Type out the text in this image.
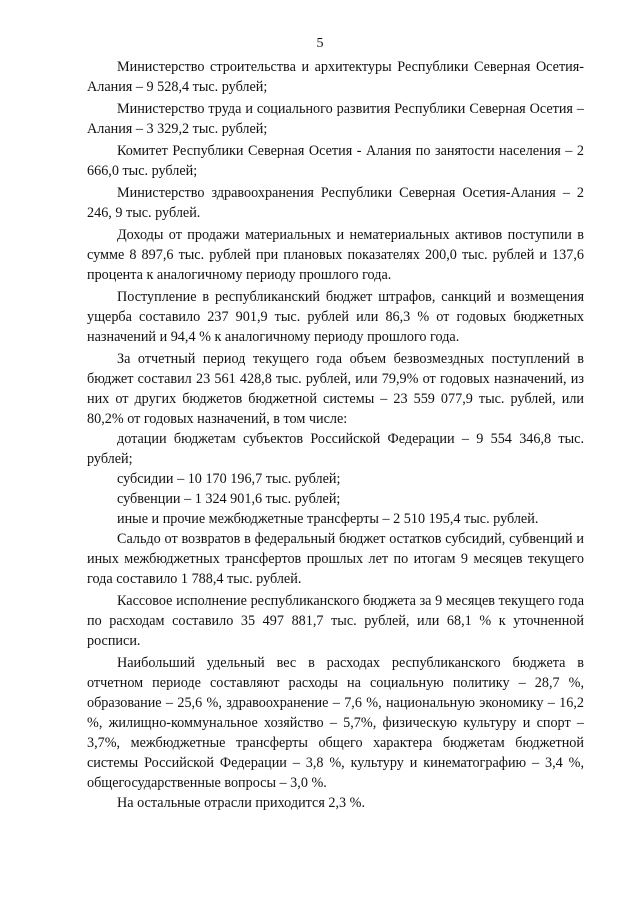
5

Министерство строительства и архитектуры Республики Северная Осетия-Алания – 9 528,4 тыс. рублей;

Министерство труда и социального развития Республики Северная Осетия – Алания – 3 329,2 тыс. рублей;

Комитет Республики Северная Осетия - Алания по занятости населения – 2 666,0 тыс. рублей;

Министерство здравоохранения Республики Северная Осетия-Алания – 2 246, 9 тыс. рублей.

Доходы от продажи материальных и нематериальных активов поступили в сумме 8 897,6 тыс. рублей при плановых показателях 200,0 тыс. рублей и 137,6 процента к аналогичному периоду прошлого года.

Поступление в республиканский бюджет штрафов, санкций и возмещения ущерба составило 237 901,9 тыс. рублей или 86,3 % от годовых бюджетных назначений и 94,4 % к аналогичному периоду прошлого года.

За отчетный период текущего года объем безвозмездных поступлений в бюджет составил 23 561 428,8 тыс. рублей, или 79,9% от годовых назначений, из них от других бюджетов бюджетной системы – 23 559 077,9 тыс. рублей, или 80,2% от годовых назначений, в том числе:

дотации бюджетам субъектов Российской Федерации – 9 554 346,8 тыс. рублей;

субсидии – 10 170 196,7 тыс. рублей;

субвенции – 1 324 901,6 тыс. рублей;

иные и прочие межбюджетные трансферты – 2 510 195,4 тыс. рублей.

Сальдо от возвратов в федеральный бюджет остатков субсидий, субвенций и иных межбюджетных трансфертов прошлых лет по итогам 9 месяцев текущего года составило 1 788,4 тыс. рублей.

Кассовое исполнение республиканского бюджета за 9 месяцев текущего года по расходам составило 35 497 881,7 тыс. рублей, или 68,1 % к уточненной росписи.

Наибольший удельный вес в расходах республиканского бюджета в отчетном периоде составляют расходы на социальную политику – 28,7 %, образование – 25,6 %, здравоохранение – 7,6 %, национальную экономику – 16,2 %, жилищно-коммунальное хозяйство – 5,7%, физическую культуру и спорт – 3,7%, межбюджетные трансферты общего характера бюджетам бюджетной системы Российской Федерации – 3,8 %, культуру и кинематографию – 3,4 %, общегосударственные вопросы – 3,0 %.

На остальные отрасли приходится 2,3 %.
